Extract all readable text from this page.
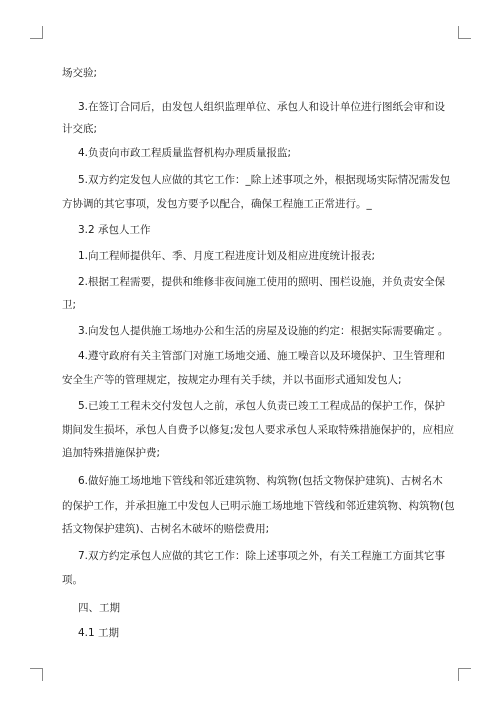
场交验;
3.在签订合同后，由发包人组织监理单位、承包人和设计单位进行图纸会审和设
计交底;
4.负责向市政工程质量监督机构办理质量报监;
5.双方约定发包人应做的其它工作：_除上述事项之外，根据现场实际情况需发包
方协调的其它事项，发包方要予以配合，确保工程施工正常进行。_
3.2 承包人工作
1.向工程师提供年、季、月度工程进度计划及相应进度统计报表;
2.根据工程需要，提供和维修非夜间施工使用的照明、围栏设施，并负责安全保
卫;
3.向发包人提供施工场地办公和生活的房屋及设施的约定：根据实际需要确定 。
4.遵守政府有关主管部门对施工场地交通、施工噪音以及环境保护、卫生管理和
安全生产等的管理规定，按规定办理有关手续，并以书面形式通知发包人;
5.已竣工工程未交付发包人之前，承包人负责已竣工工程成品的保护工作，保护
期间发生损坏，承包人自费予以修复;发包人要求承包人采取特殊措施保护的，应相应
追加特殊措施保护费;
6.做好施工场地地下管线和邻近建筑物、构筑物(包括文物保护建筑)、古树名木
的保护工作，并承担施工中发包人已明示施工场地地下管线和邻近建筑物、构筑物(包
括文物保护建筑)、古树名木破坏的赔偿费用;
7.双方约定承包人应做的其它工作：除上述事项之外，有关工程施工方面其它事
项。
四、工期
4.1 工期
